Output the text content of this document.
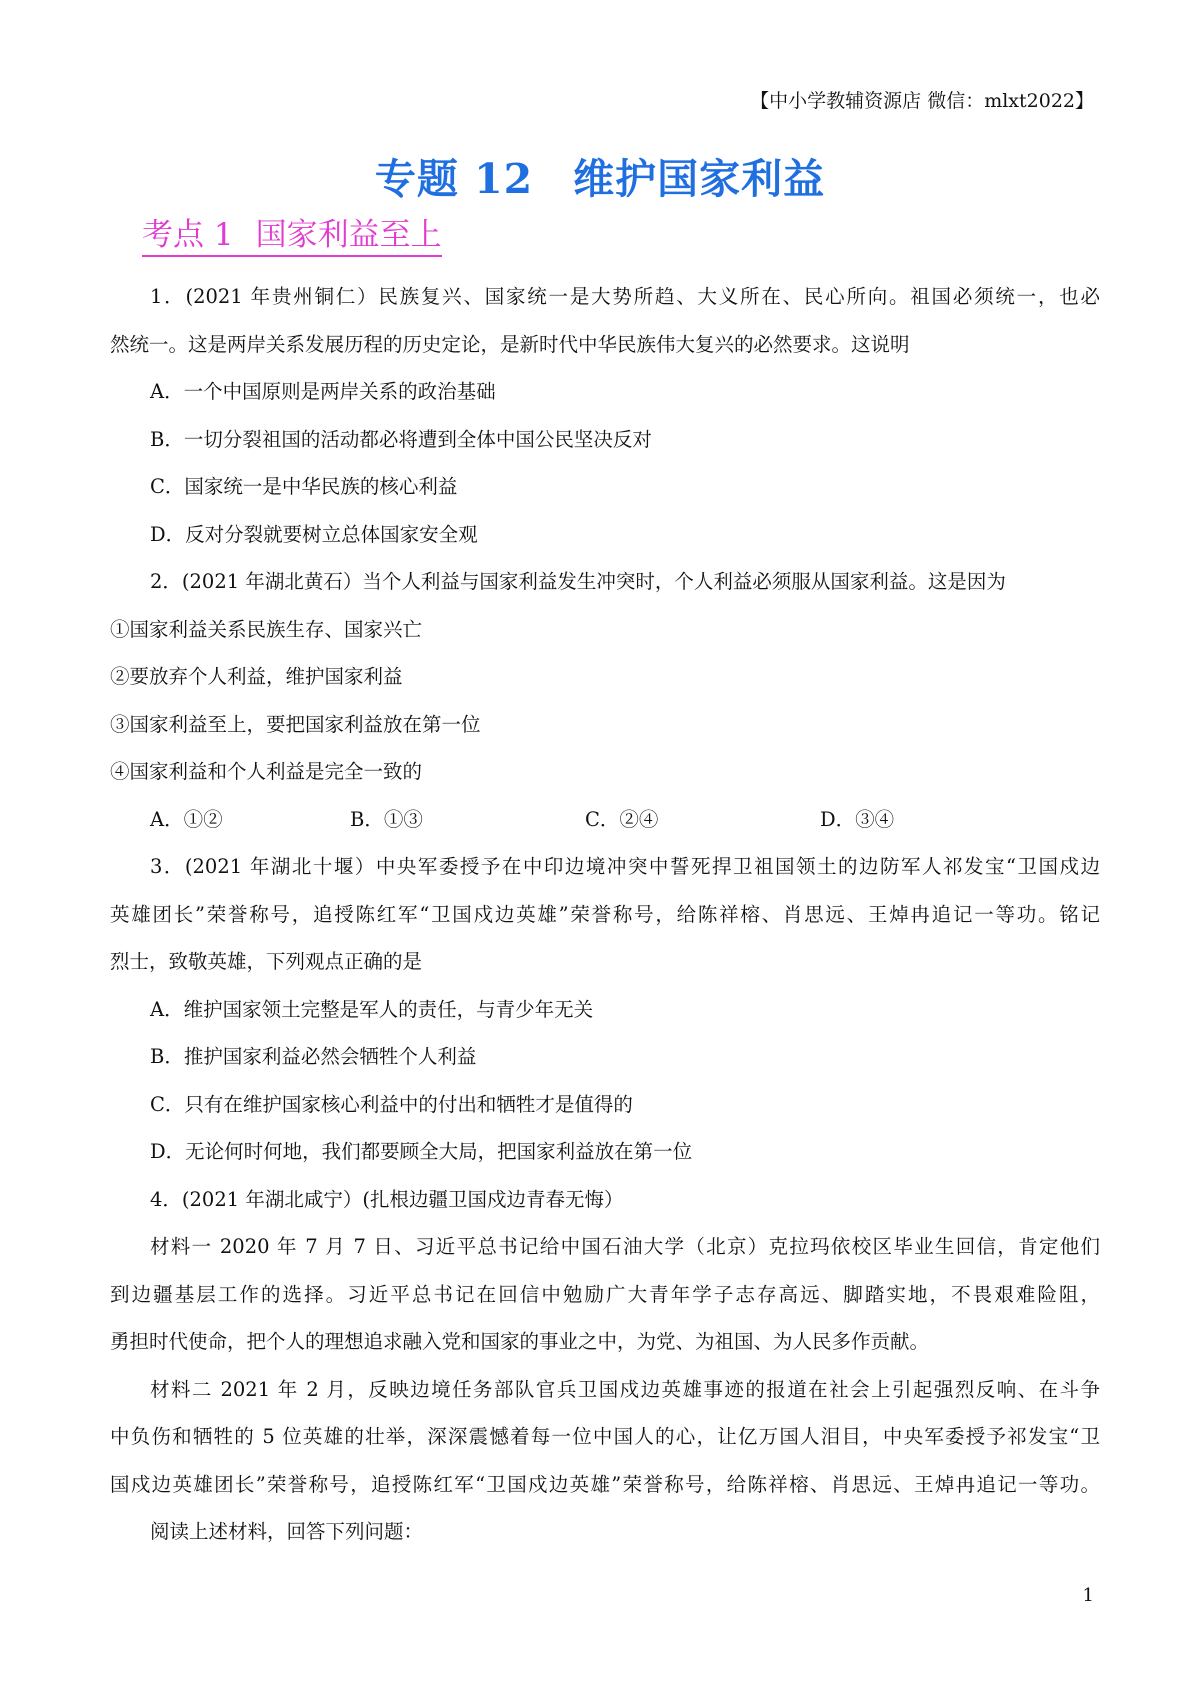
【中小学教辅资源店 微信：mlxt2022】
专题 12 维护国家利益
考点 1 国家利益至上

1．(2021 年贵州铜仁）民族复兴、国家统一是大势所趋、大义所在、民心所向。祖国必须统一，也必

然统一。这是两岸关系发展历程的历史定论，是新时代中华民族伟大复兴的必然要求。这说明

A．一个中国原则是两岸关系的政治基础

B．一切分裂祖国的活动都必将遭到全体中国公民坚决反对

C．国家统一是中华民族的核心利益

D．反对分裂就要树立总体国家安全观

2．(2021 年湖北黄石）当个人利益与国家利益发生冲突时，个人利益必须服从国家利益。这是因为

①国家利益关系民族生存、国家兴亡

②要放弃个人利益，维护国家利益

③国家利益至上，要把国家利益放在第一位

④国家利益和个人利益是完全一致的

A．①②	B．①③	C．②④	D．③④

3．(2021 年湖北十堰）中央军委授予在中印边境冲突中誓死捍卫祖国领土的边防军人祁发宝“卫国戍边

英雄团长”荣誉称号，追授陈红军“卫国戍边英雄”荣誉称号，给陈祥榕、肖思远、王焯冉追记一等功。铭记

烈士，致敬英雄，下列观点正确的是

A．维护国家领土完整是军人的责任，与青少年无关

B．推护国家利益必然会牺牲个人利益

C．只有在维护国家核心利益中的付出和牺牲才是值得的

D．无论何时何地，我们都要顾全大局，把国家利益放在第一位

4．(2021 年湖北咸宁）(扎根边疆卫国戍边青春无悔）

材料一 2020 年 7 月 7 日、习近平总书记给中国石油大学（北京）克拉玛依校区毕业生回信，肯定他们

到边疆基层工作的选择。习近平总书记在回信中勉励广大青年学子志存高远、脚踏实地，不畏艰难险阻，

勇担时代使命，把个人的理想追求融入党和国家的事业之中，为党、为祖国、为人民多作贡献。

材料二 2021 年 2 月，反映边境任务部队官兵卫国戍边英雄事迹的报道在社会上引起强烈反响、在斗争

中负伤和牺牲的 5 位英雄的壮举，深深震憾着每一位中国人的心，让亿万国人泪目，中央军委授予祁发宝“卫

国戍边英雄团长”荣誉称号，追授陈红军“卫国戍边英雄”荣誉称号，给陈祥榕、肖思远、王焯冉追记一等功。

阅读上述材料，回答下列问题：

1
